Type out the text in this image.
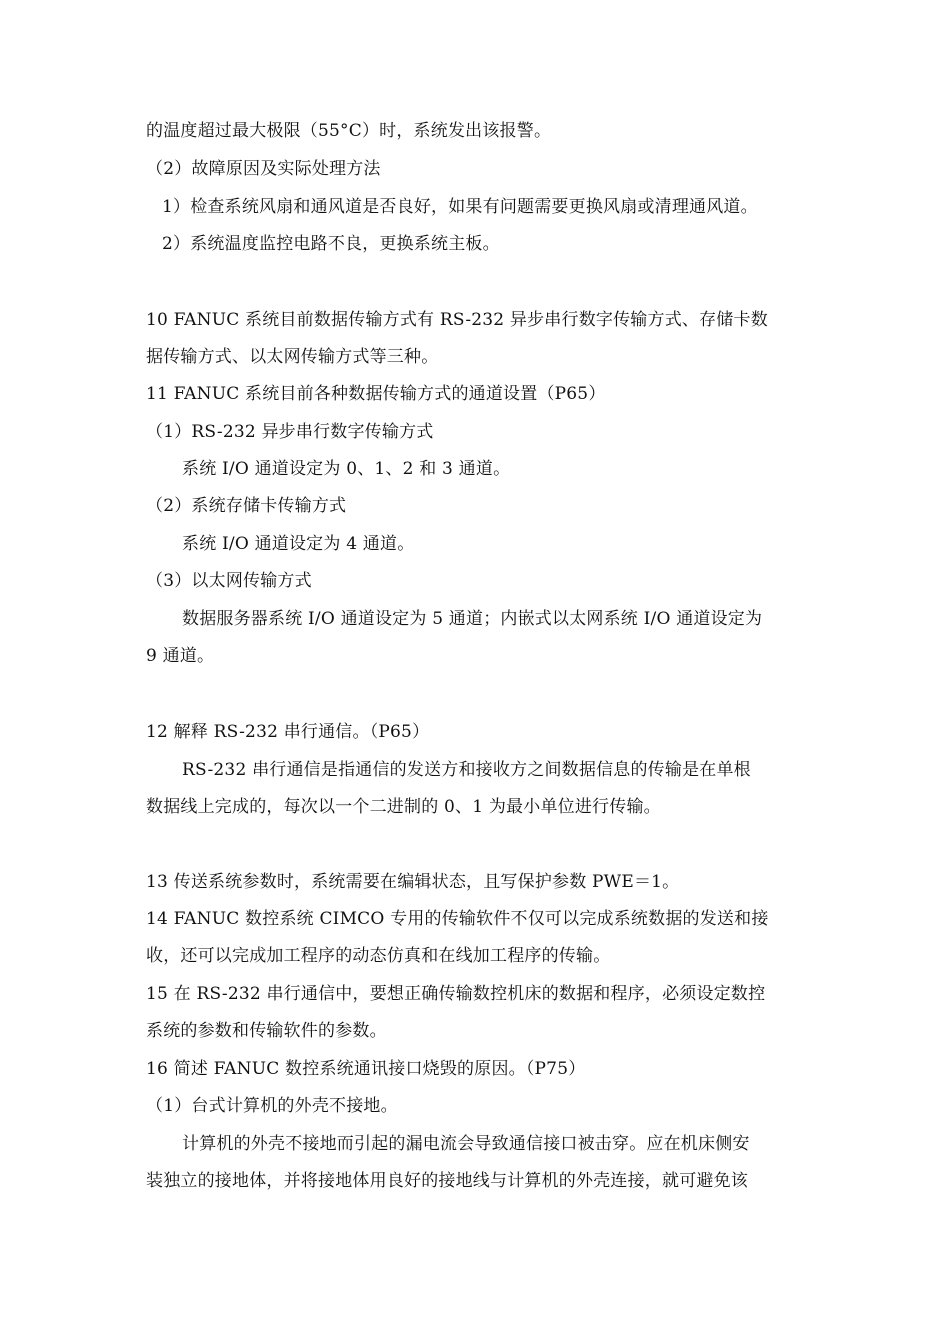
的温度超过最大极限（55°C）时，系统发出该报警。
（2）故障原因及实际处理方法
1）检查系统风扇和通风道是否良好，如果有问题需要更换风扇或清理通风道。
2）系统温度监控电路不良，更换系统主板。
10 FANUC 系统目前数据传输方式有 RS-232 异步串行数字传输方式、存储卡数
据传输方式、以太网传输方式等三种。
11 FANUC 系统目前各种数据传输方式的通道设置（P65）
（1）RS-232 异步串行数字传输方式
系统 I/O 通道设定为 0、1、2 和 3 通道。
（2）系统存储卡传输方式
系统 I/O 通道设定为 4 通道。
（3）以太网传输方式
数据服务器系统 I/O 通道设定为 5 通道；内嵌式以太网系统 I/O 通道设定为
9 通道。
12 解释 RS-232 串行通信。（P65）
RS-232 串行通信是指通信的发送方和接收方之间数据信息的传输是在单根
数据线上完成的，每次以一个二进制的 0、1 为最小单位进行传输。
13 传送系统参数时，系统需要在编辑状态，且写保护参数 PWE＝1。
14 FANUC 数控系统 CIMCO 专用的传输软件不仅可以完成系统数据的发送和接
收，还可以完成加工程序的动态仿真和在线加工程序的传输。
15 在 RS-232 串行通信中，要想正确传输数控机床的数据和程序，必须设定数控
系统的参数和传输软件的参数。
16 简述 FANUC 数控系统通讯接口烧毁的原因。（P75）
（1）台式计算机的外壳不接地。
计算机的外壳不接地而引起的漏电流会导致通信接口被击穿。应在机床侧安
装独立的接地体，并将接地体用良好的接地线与计算机的外壳连接，就可避免该
